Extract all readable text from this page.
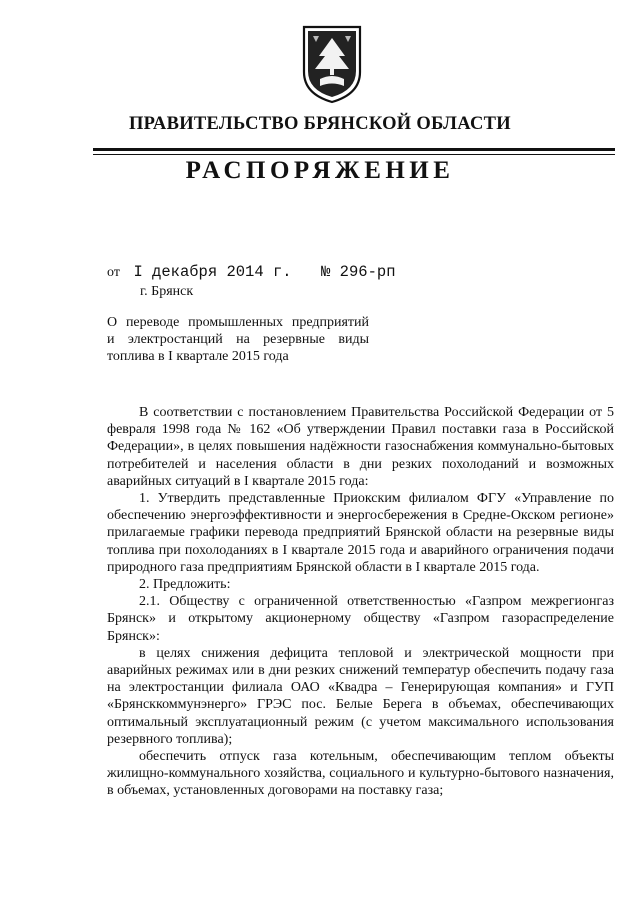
ПРАВИТЕЛЬСТВО БРЯНСКОЙ ОБЛАСТИ
РАСПОРЯЖЕНИЕ
от I декабря 2014 г. № 296-рп
г. Брянск
О переводе промышленных предприятий
и электростанций на резервные виды
топлива в I квартале 2015 года

В соответствии с постановлением Правительства Российской Федерации от 5 февраля 1998 года № 162 «Об утверждении Правил поставки газа в Российской Федерации», в целях повышения надёжности газоснабжения коммунально-бытовых потребителей и населения области в дни резких похолоданий и возможных аварийных ситуаций в I квартале 2015 года:

1. Утвердить представленные Приокским филиалом ФГУ «Управление по обеспечению энергоэффективности и энергосбережения в Средне-Окском регионе» прилагаемые графики перевода предприятий Брянской области на резервные виды топлива при похолоданиях в I квартале 2015 года и аварийного ограничения подачи природного газа предприятиям Брянской области в I квартале 2015 года.

2. Предложить:

2.1. Обществу с ограниченной ответственностью «Газпром межрегионгаз Брянск» и открытому акционерному обществу «Газпром газораспределение Брянск»:

в целях снижения дефицита тепловой и электрической мощности при аварийных режимах или в дни резких снижений температур обеспечить подачу газа на электростанции филиала ОАО «Квадра – Генерирующая компания» и ГУП «Брянсккоммунэнерго» ГРЭС пос. Белые Берега в объемах, обеспечивающих оптимальный эксплуатационный режим (с учетом максимального использования резервного топлива);

обеспечить отпуск газа котельным, обеспечивающим теплом объекты жилищно-коммунального хозяйства, социального и культурно-бытового назначения, в объемах, установленных договорами на поставку газа;
